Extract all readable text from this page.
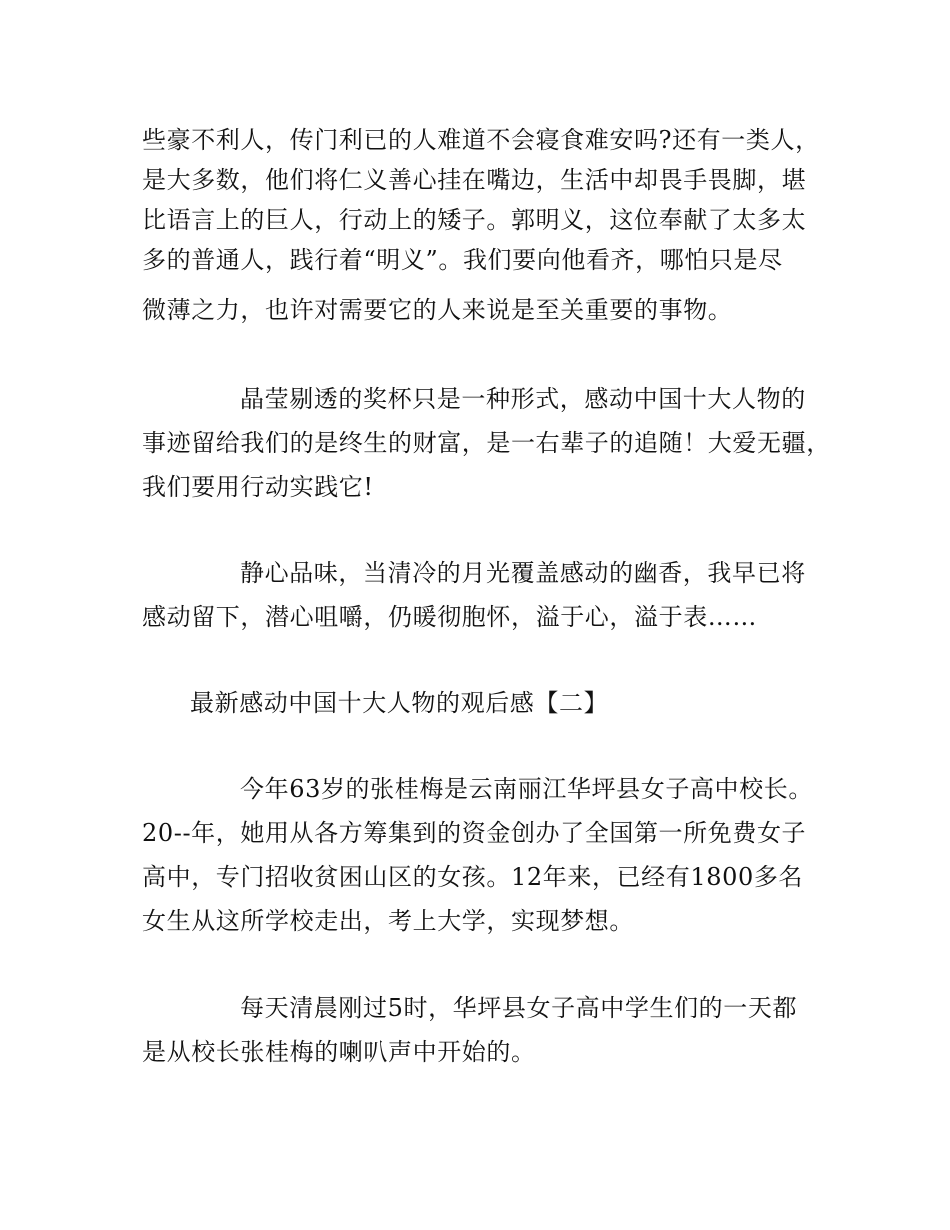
些豪不利人，传门利已的人难道不会寝食难安吗?还有一类人，
是大多数，他们将仁义善心挂在嘴边，生活中却畏手畏脚，堪
比语言上的巨人，行动上的矮子。郭明义，这位奉献了太多太
多的普通人，践行着“明义”。我们要向他看齐，哪怕只是尽
微薄之力，也许对需要它的人来说是至关重要的事物。
晶莹剔透的奖杯只是一种形式，感动中国十大人物的
事迹留给我们的是终生的财富，是一右辈子的追随！大爱无疆，
我们要用行动实践它!
静心品味，当清冷的月光覆盖感动的幽香，我早已将
感动留下，潜心咀嚼，仍暖彻胞怀，溢于心，溢于表……
最新感动中国十大人物的观后感【二】
今年63岁的张桂梅是云南丽江华坪县女子高中校长。
20--年，她用从各方筹集到的资金创办了全国第一所免费女子
高中，专门招收贫困山区的女孩。12年来，已经有1800多名
女生从这所学校走出，考上大学，实现梦想。
每天清晨刚过5时，华坪县女子高中学生们的一天都
是从校长张桂梅的喇叭声中开始的。
